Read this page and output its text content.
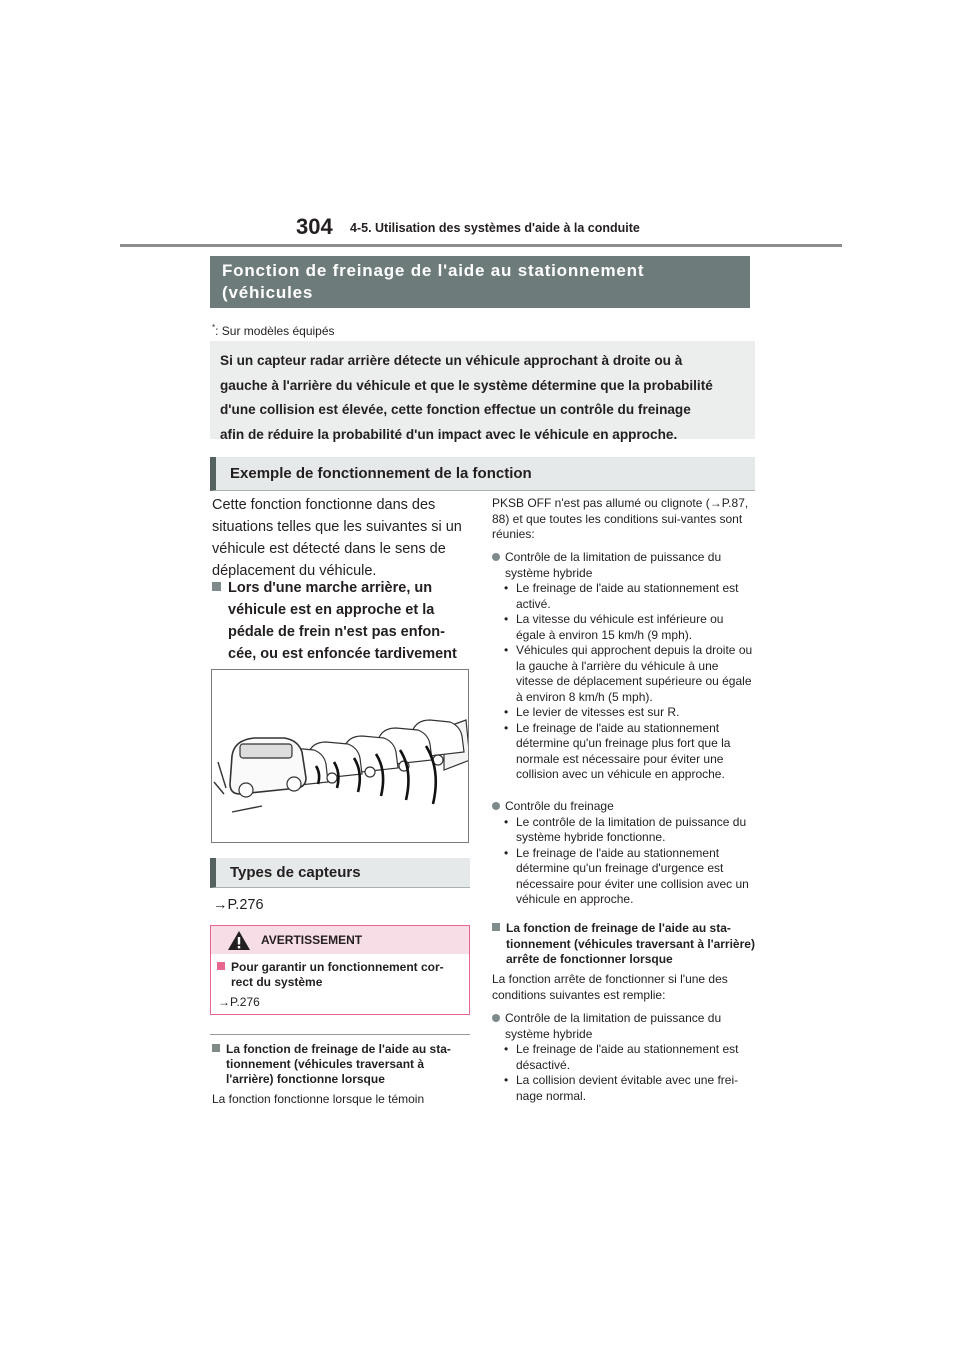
304 4-5. Utilisation des systèmes d'aide à la conduite
Fonction de freinage de l'aide au stationnement (véhicules
traversant à l’arrière)*
*: Sur modèles équipés
Si un capteur radar arrière détecte un véhicule approchant à droite ou à
gauche à l'arrière du véhicule et que le système détermine que la probabilité
d'une collision est élevée, cette fonction effectue un contrôle du freinage
afin de réduire la probabilité d'un impact avec le véhicule en approche.
Exemple de fonctionnement de la fonction
Cette fonction fonctionne dans des situations telles que les suivantes si un véhicule est détecté dans le sens de déplacement du véhicule.
Lors d'une marche arrière, un véhicule est en approche et la pédale de frein n'est pas enfon-cée, ou est enfoncée tardivement
Types de capteurs
→P.276
AVERTISSEMENT
Pour garantir un fonctionnement cor-rect du système
→P.276
La fonction de freinage de l'aide au sta-tionnement (véhicules traversant à l'arrière) fonctionne lorsque
La fonction fonctionne lorsque le témoin
PKSB OFF n'est pas allumé ou clignote (→P.87, 88) et que toutes les conditions sui-vantes sont réunies:
Contrôle de la limitation de puissance du système hybride
• Le freinage de l'aide au stationnement est activé.
• La vitesse du véhicule est inférieure ou égale à environ 15 km/h (9 mph).
• Véhicules qui approchent depuis la droite ou la gauche à l'arrière du véhicule à une vitesse de déplacement supérieure ou égale à environ 8 km/h (5 mph).
• Le levier de vitesses est sur R.
• Le freinage de l'aide au stationnement détermine qu'un freinage plus fort que la normale est nécessaire pour éviter une collision avec un véhicule en approche.
Contrôle du freinage
• Le contrôle de la limitation de puissance du système hybride fonctionne.
• Le freinage de l'aide au stationnement détermine qu'un freinage d'urgence est nécessaire pour éviter une collision avec un véhicule en approche.
La fonction de freinage de l'aide au sta-tionnement (véhicules traversant à l'arrière) arrête de fonctionner lorsque
La fonction arrête de fonctionner si l'une des conditions suivantes est remplie:
Contrôle de la limitation de puissance du système hybride
• Le freinage de l'aide au stationnement est désactivé.
• La collision devient évitable avec une frei-nage normal.
